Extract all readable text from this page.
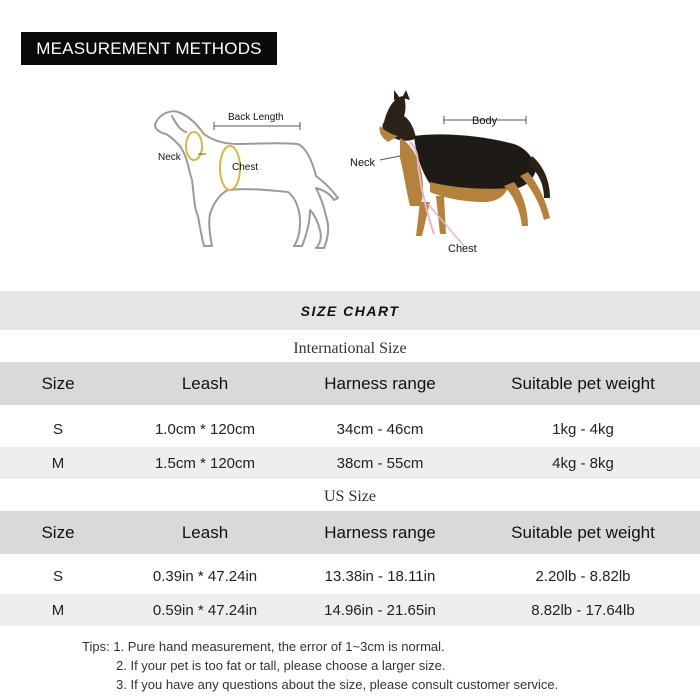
MEASUREMENT METHODS
Back Length
Neck
Chest
Body
Neck
Chest
SIZE CHART
International Size
Size	Leash	Harness range	Suitable pet weight
S	1.0cm * 120cm	34cm - 46cm	1kg - 4kg
M	1.5cm * 120cm	38cm - 55cm	4kg - 8kg
US Size
Size	Leash	Harness range	Suitable pet weight
S	0.39in * 47.24in	13.38in - 18.11in	2.20lb - 8.82lb
M	0.59in * 47.24in	14.96in - 21.65in	8.82lb - 17.64lb
Tips: 1. Pure hand measurement, the error of 1~3cm is normal.
2. If your pet is too fat or tall, please choose a larger size.
3. If you have any questions about the size, please consult customer service.
